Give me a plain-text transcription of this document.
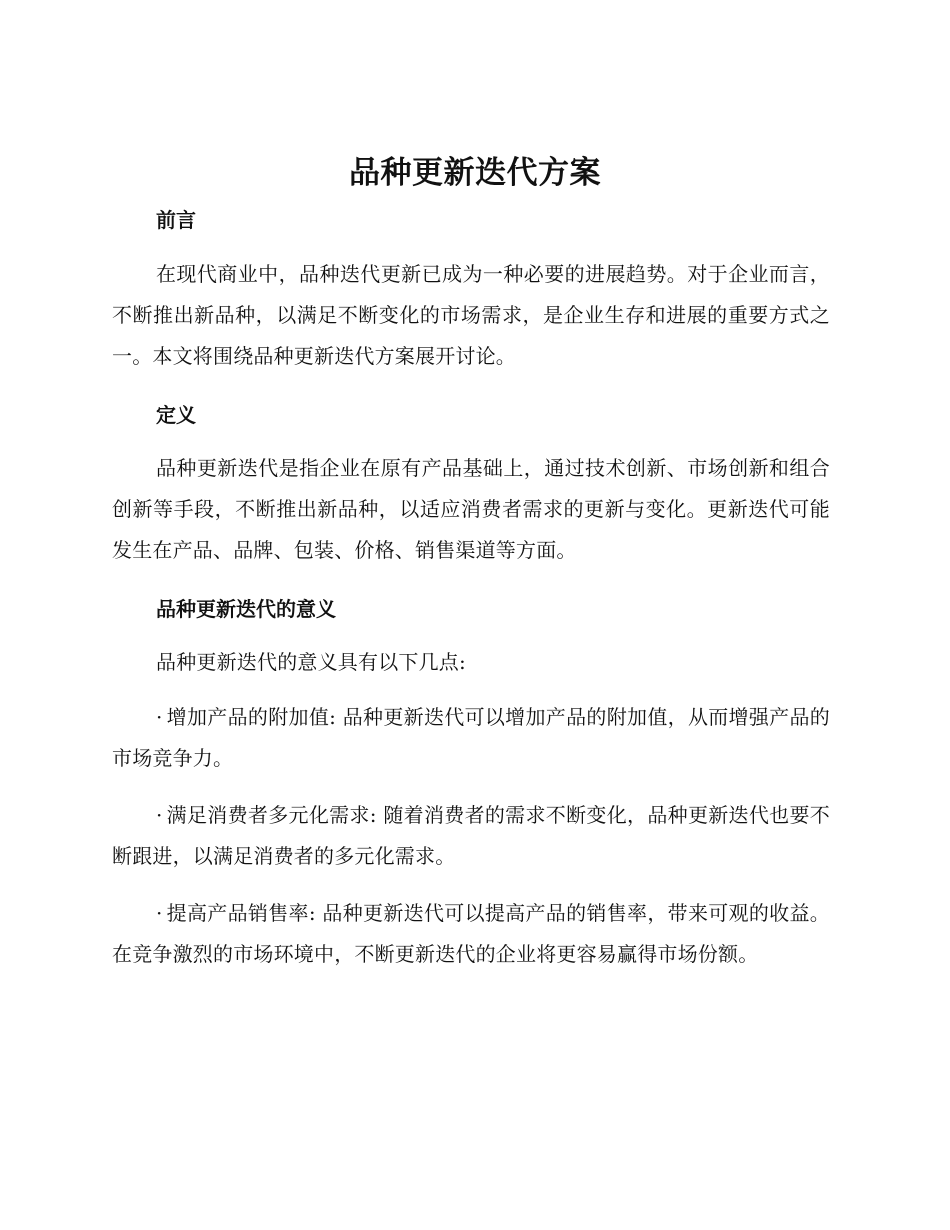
品种更新迭代方案
前言

在现代商业中，品种迭代更新已成为一种必要的进展趋势。对于企业而言，不断推出新品种，以满足不断变化的市场需求，是企业生存和进展的重要方式之一。本文将围绕品种更新迭代方案展开讨论。

定义

品种更新迭代是指企业在原有产品基础上，通过技术创新、市场创新和组合创新等手段，不断推出新品种，以适应消费者需求的更新与变化。更新迭代可能发生在产品、品牌、包装、价格、销售渠道等方面。

品种更新迭代的意义

品种更新迭代的意义具有以下几点:

· 增加产品的附加值: 品种更新迭代可以增加产品的附加值，从而增强产品的市场竞争力。

· 满足消费者多元化需求: 随着消费者的需求不断变化，品种更新迭代也要不断跟进，以满足消费者的多元化需求。

· 提高产品销售率: 品种更新迭代可以提高产品的销售率，带来可观的收益。在竞争激烈的市场环境中，不断更新迭代的企业将更容易赢得市场份额。
